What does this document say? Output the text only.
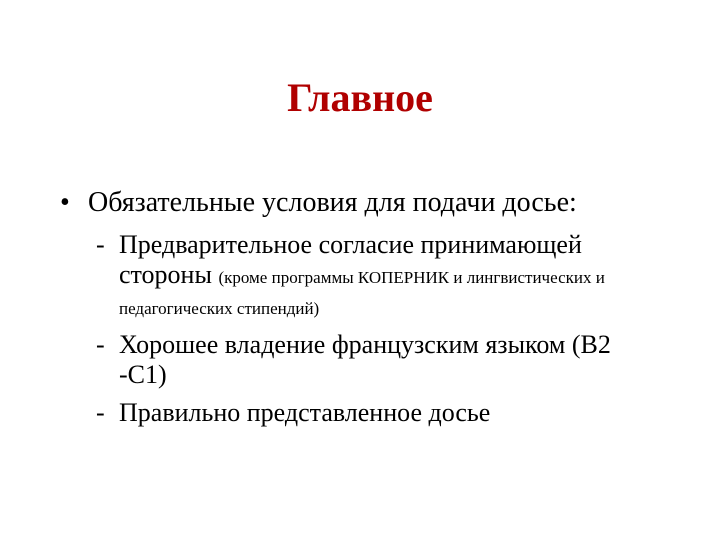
Главное
• Обязательные условия для подачи досье:
- Предварительное согласие принимающей
стороны (кроме программы КОПЕРНИК и лингвистических и
педагогических стипендий)
- Хорошее владение французским языком (В2
-С1)
- Правильно представленное досье
